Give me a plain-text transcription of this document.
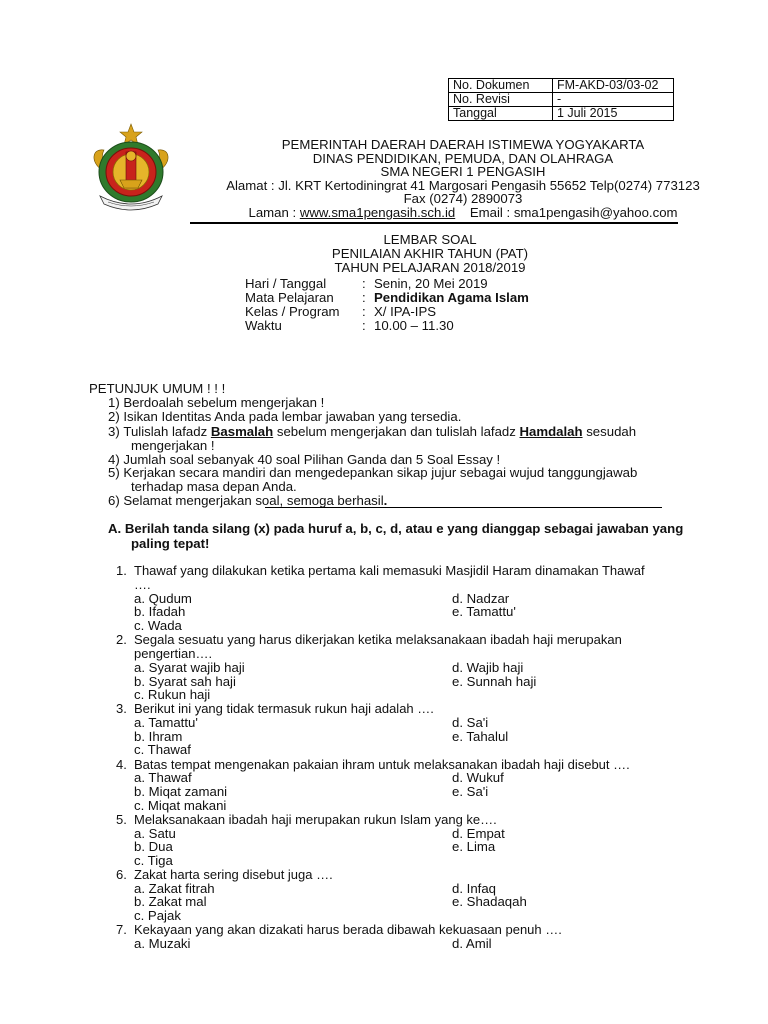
No. Dokumen	FM-AKD-03/03-02
No. Revisi	-
Tanggal	1 Juli 2015
PEMERINTAH DAERAH DAERAH ISTIMEWA YOGYAKARTA
DINAS PENDIDIKAN, PEMUDA, DAN OLAHRAGA
SMA NEGERI 1 PENGASIH
Alamat : Jl. KRT Kertodiningrat 41 Margosari Pengasih 55652 Telp(0274) 773123
Fax (0274) 2890073
Laman : www.sma1pengasih.sch.id Email : sma1pengasih@yahoo.com
LEMBAR SOAL
PENILAIAN AKHIR TAHUN (PAT)
TAHUN PELAJARAN 2018/2019
Hari / Tanggal	: Senin, 20 Mei 2019
Mata Pelajaran : Pendidikan Agama Islam
Kelas / Program : X/ IPA-IPS
Waktu	: 10.00 – 11.30
PETUNJUK UMUM ! ! !
1) Berdoalah sebelum mengerjakan !
2) Isikan Identitas Anda pada lembar jawaban yang tersedia.
3) Tulislah lafadz Basmalah sebelum mengerjakan dan tulislah lafadz Hamdalah sesudah
mengerjakan !
4) Jumlah soal sebanyak 40 soal Pilihan Ganda dan 5 Soal Essay !
5) Kerjakan secara mandiri dan mengedepankan sikap jujur sebagai wujud tanggungjawab
terhadap masa depan Anda.
6) Selamat mengerjakan soal, semoga berhasil.
A. Berilah tanda silang (x) pada huruf a, b, c, d, atau e yang dianggap sebagai jawaban yang
paling tepat!
1. Thawaf yang dilakukan ketika pertama kali memasuki Masjidil Haram dinamakan Thawaf
….
a. Qudum
b. Ifadah
c. Wada
d. Nadzar
e. Tamattu'
2. Segala sesuatu yang harus dikerjakan ketika melaksanakaan ibadah haji merupakan
pengertian….
a. Syarat wajib haji
b. Syarat sah haji
c. Rukun haji
d. Wajib haji
e. Sunnah haji
3. Berikut ini yang tidak termasuk rukun haji adalah ….
a. Tamattu'
b. Ihram
c. Thawaf
d. Sa'i
e. Tahalul
4. Batas tempat mengenakan pakaian ihram untuk melaksanakan ibadah haji disebut ….
a. Thawaf
b. Miqat zamani
c. Miqat makani
d. Wukuf
e. Sa'i
5. Melaksanakaan ibadah haji merupakan rukun Islam yang ke….
a. Satu
b. Dua
c. Tiga
d. Empat
e. Lima
6. Zakat harta sering disebut juga ….
a. Zakat fitrah
b. Zakat mal
c. Pajak
d. Infaq
e. Shadaqah
7. Kekayaan yang akan dizakati harus berada dibawah kekuasaan penuh ….
a. Muzaki	d. Amil
